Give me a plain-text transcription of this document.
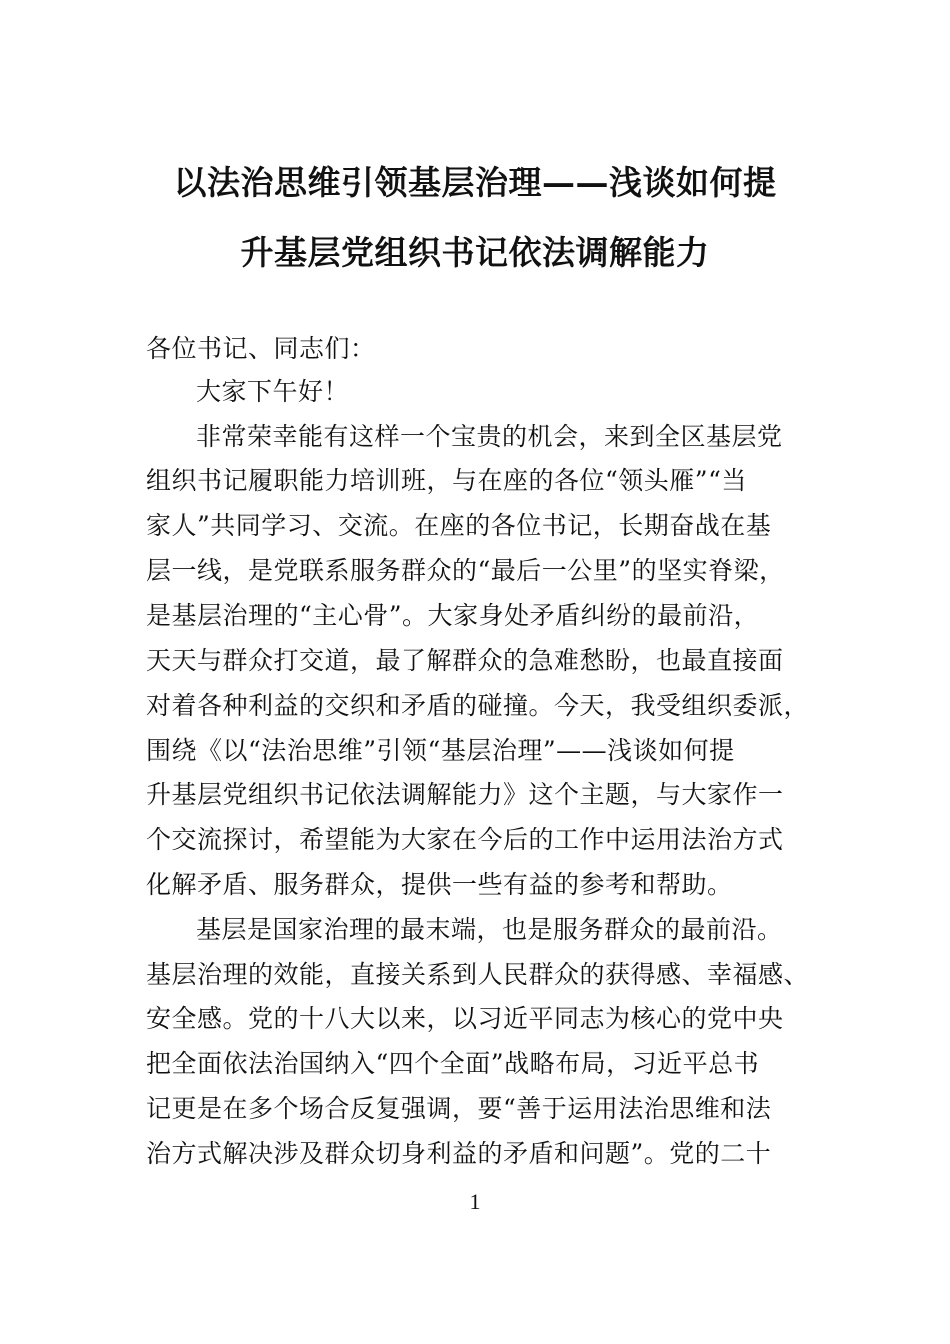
以法治思维引领基层治理——浅谈如何提
升基层党组织书记依法调解能力
各位书记、同志们：
大家下午好！
非常荣幸能有这样一个宝贵的机会，来到全区基层党
组织书记履职能力培训班，与在座的各位“领头雁”“当
家人”共同学习、交流。在座的各位书记，长期奋战在基
层一线，是党联系服务群众的“最后一公里”的坚实脊梁，
是基层治理的“主心骨”。大家身处矛盾纠纷的最前沿，
天天与群众打交道，最了解群众的急难愁盼，也最直接面
对着各种利益的交织和矛盾的碰撞。今天，我受组织委派，
围绕《以“法治思维”引领“基层治理”——浅谈如何提
升基层党组织书记依法调解能力》这个主题，与大家作一
个交流探讨，希望能为大家在今后的工作中运用法治方式
化解矛盾、服务群众，提供一些有益的参考和帮助。
基层是国家治理的最末端，也是服务群众的最前沿。
基层治理的效能，直接关系到人民群众的获得感、幸福感、
安全感。党的十八大以来，以习近平同志为核心的党中央
把全面依法治国纳入“四个全面”战略布局，习近平总书
记更是在多个场合反复强调，要“善于运用法治思维和法
治方式解决涉及群众切身利益的矛盾和问题”。党的二十
1
